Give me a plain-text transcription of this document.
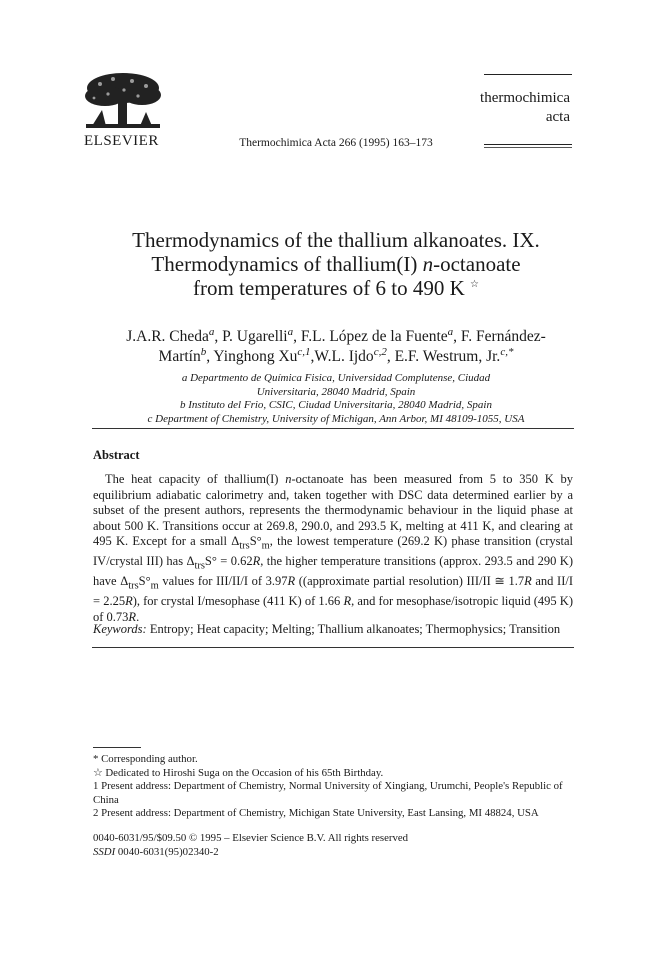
ELSEVIER	Thermochimica Acta 266 (1995) 163–173
thermochimica
acta
Thermodynamics of the thallium alkanoates. IX.
Thermodynamics of thallium(I) n-octanoate
from temperatures of 6 to 490 K ☆
J.A.R. Cheda$^a$, P. Ugarelli$^a$, F.L. López de la Fuente$^a$, F. Fernández-
Martín$^b$, Yinghong Xu$^{c,1}$,W.L. Ijdo$^{c,2}$, E.F. Westrum, Jr.$^{c,*}$
a Departmento de Química Fisica, Universidad Complutense, Ciudad
Universitaria, 28040 Madrid, Spain
b Instituto del Frio, CSIC, Ciudad Universitaria, 28040 Madrid, Spain
c Department of Chemistry, University of Michigan, Ann Arbor, MI 48109-1055, USA
Abstract
The heat capacity of thallium(I) n-octanoate has been measured from 5 to 350 K by equilibrium adiabatic calorimetry and, taken together with DSC data determined earlier by a subset of the present authors, represents the thermodynamic behaviour in the liquid phase at about 500 K. Transitions occur at 269.8, 290.0, and 293.5 K, melting at 411 K, and clearing at 495 K. Except for a small $\Delta_{trs}S^\circ_m$, the lowest temperature (269.2 K) phase transition (crystal IV/crystal III) has $\Delta_{trs}S^\circ = 0.62R$, the higher temperature transitions (approx. 293.5 and 290 K) have $\Delta_{trs}S^\circ_m$ values for III/II/I of 3.97R ((approximate partial resolution) III/II ≅ 1.7R and II/I = 2.25R), for crystal I/mesophase (411 K) of 1.66 R, and for mesophase/isotropic liquid (495 K) of 0.73R.
Keywords: Entropy; Heat capacity; Melting; Thallium alkanoates; Thermophysics; Transition
* Corresponding author.
☆ Dedicated to Hiroshi Suga on the Occasion of his 65th Birthday.
1 Present address: Department of Chemistry, Normal University of Xingiang, Urumchi, People's Republic of China
2 Present address: Department of Chemistry, Michigan State University, East Lansing, MI 48824, USA
0040-6031/95/$09.50 © 1995 – Elsevier Science B.V. All rights reserved
SSDI 0040-6031(95)02340-2
